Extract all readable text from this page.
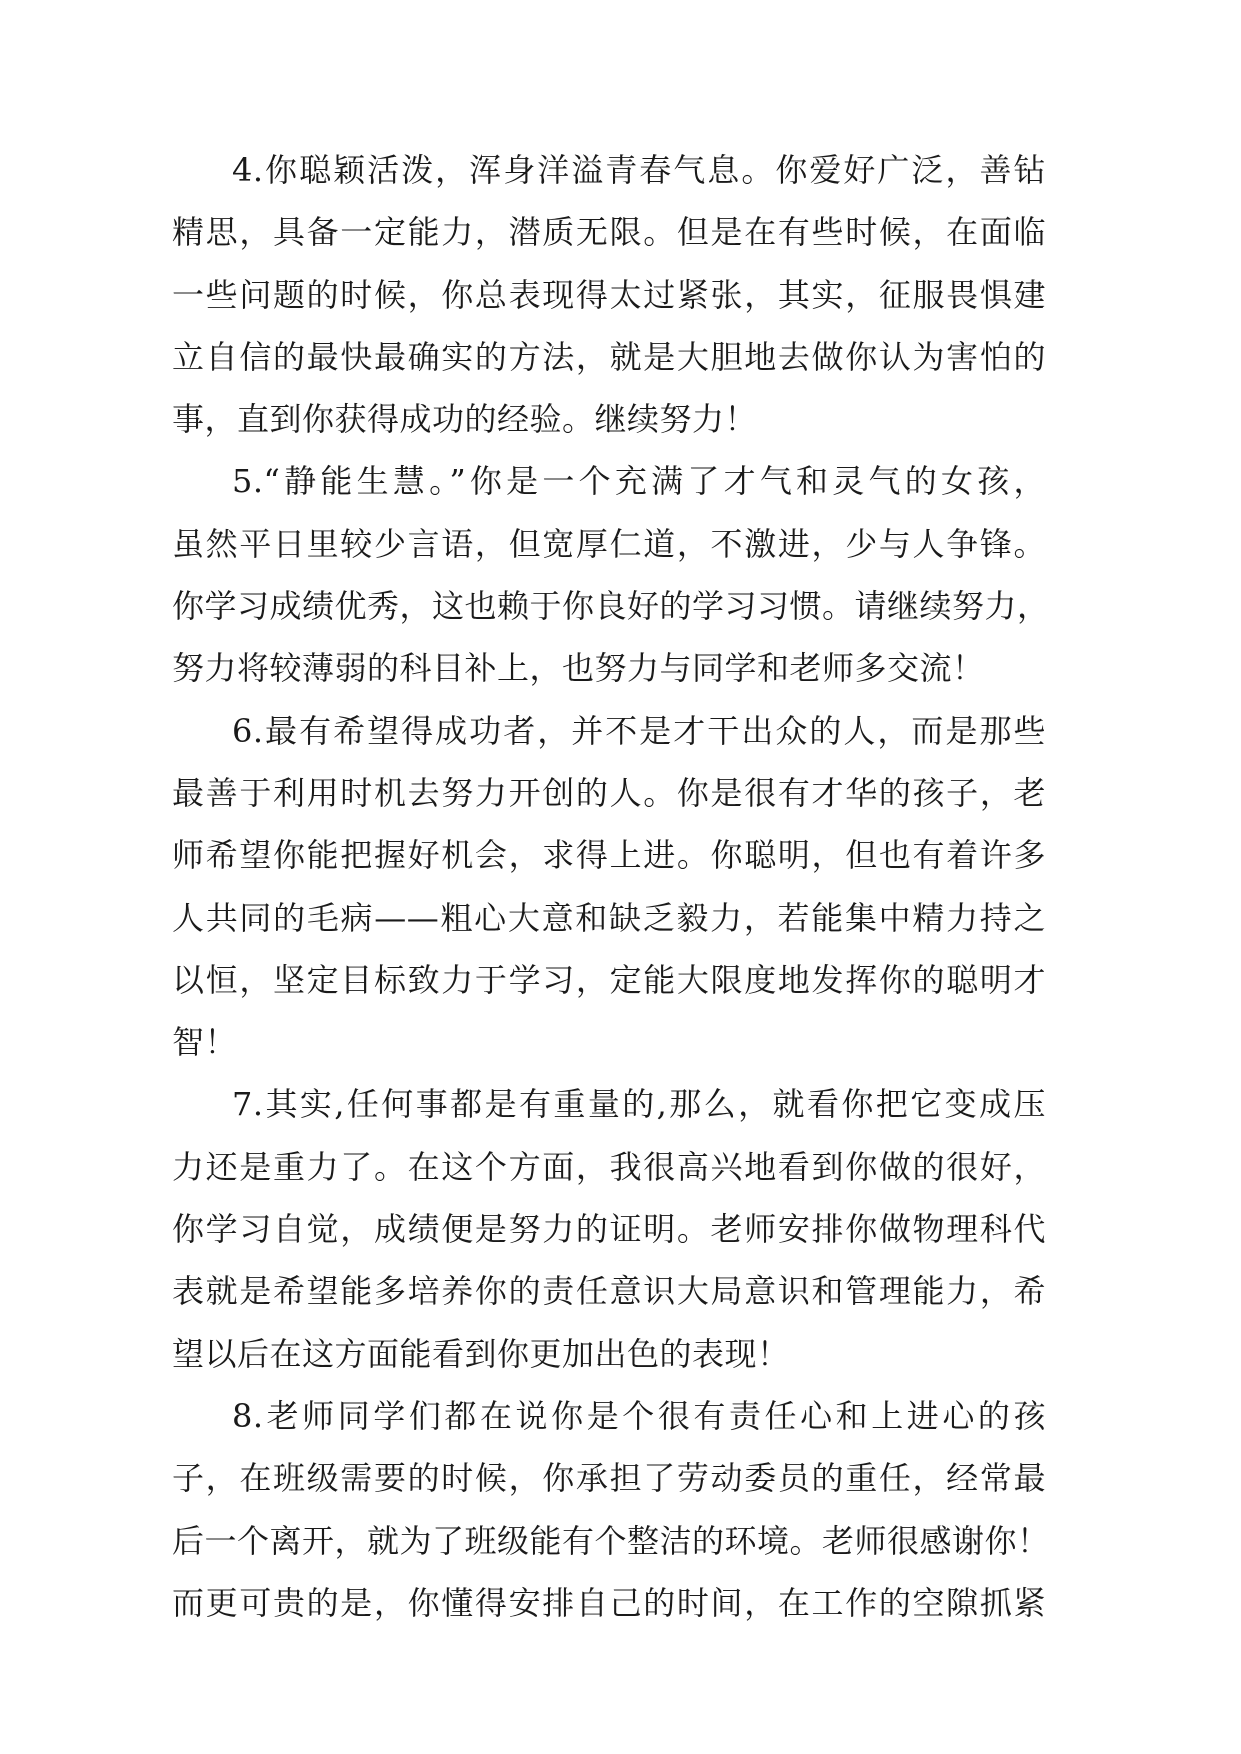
4.你聪颖活泼，浑身洋溢青春气息。你爱好广泛，善钻
精思，具备一定能力，潜质无限。但是在有些时候，在面临
一些问题的时候，你总表现得太过紧张，其实，征服畏惧建
立自信的最快最确实的方法，就是大胆地去做你认为害怕的
事，直到你获得成功的经验。继续努力！
5.“静能生慧。”你是一个充满了才气和灵气的女孩，
虽然平日里较少言语，但宽厚仁道，不激进，少与人争锋。
你学习成绩优秀，这也赖于你良好的学习习惯。请继续努力，
努力将较薄弱的科目补上，也努力与同学和老师多交流！
6.最有希望得成功者，并不是才干出众的人，而是那些
最善于利用时机去努力开创的人。你是很有才华的孩子，老
师希望你能把握好机会，求得上进。你聪明，但也有着许多
人共同的毛病——粗心大意和缺乏毅力，若能集中精力持之
以恒，坚定目标致力于学习，定能大限度地发挥你的聪明才
智！
7.其实,任何事都是有重量的,那么，就看你把它变成压
力还是重力了。在这个方面，我很高兴地看到你做的很好，
你学习自觉，成绩便是努力的证明。老师安排你做物理科代
表就是希望能多培养你的责任意识大局意识和管理能力，希
望以后在这方面能看到你更加出色的表现！
8.老师同学们都在说你是个很有责任心和上进心的孩
子，在班级需要的时候，你承担了劳动委员的重任，经常最
后一个离开，就为了班级能有个整洁的环境。老师很感谢你！
而更可贵的是，你懂得安排自己的时间，在工作的空隙抓紧
